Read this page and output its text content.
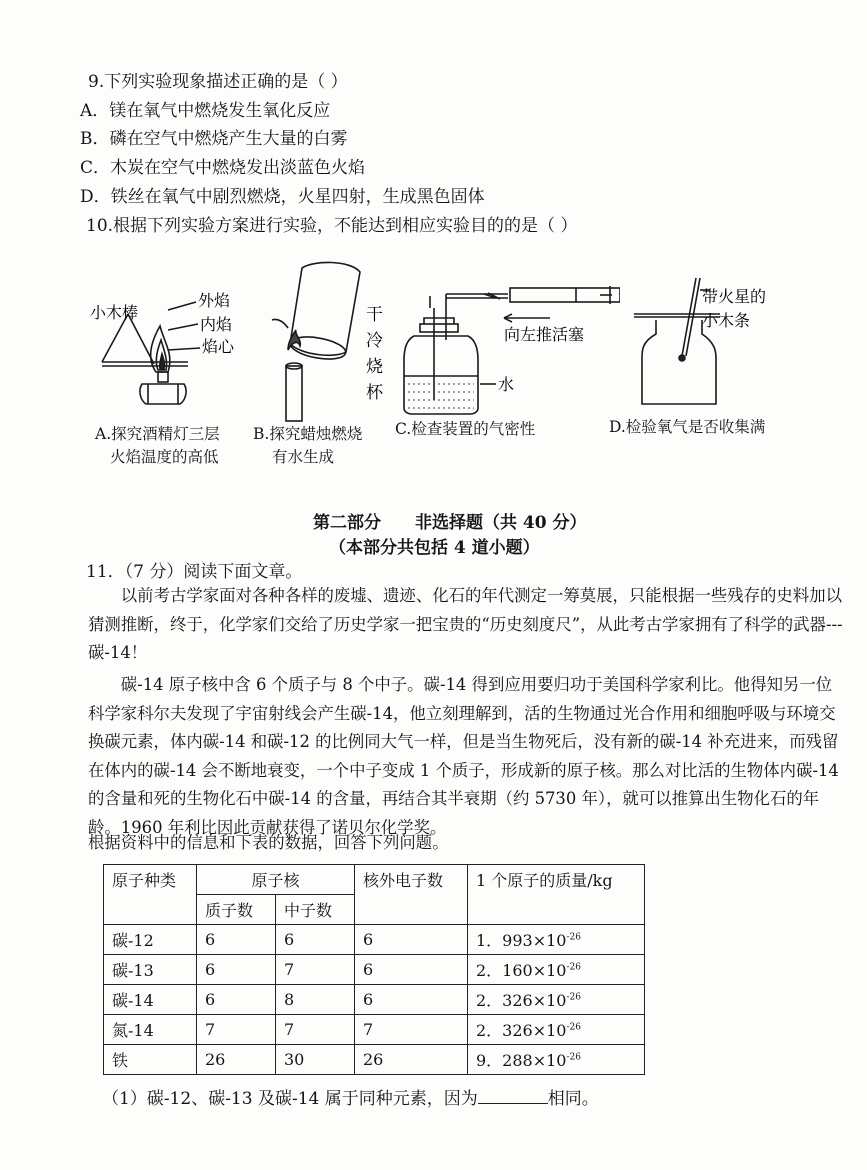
9.下列实验现象描述正确的是（ ）
A．镁在氧气中燃烧发生氧化反应
B．磷在空气中燃烧产生大量的白雾
C．木炭在空气中燃烧发出淡蓝色火焰
D．铁丝在氧气中剧烈燃烧，火星四射，生成黑色固体
10.根据下列实验方案进行实验，不能达到相应实验目的的是（ ）
小木棒
外焰
内焰
焰心
A.探究酒精灯三层
火焰温度的高低
干
冷
烧
杯
B.探究蜡烛燃烧
有水生成
向左推活塞
水
C.检查装置的气密性
带火星的
小木条
D.检验氧气是否收集满
第二部分　　非选择题（共 40 分）
（本部分共包括 4 道小题）
11．（7 分）阅读下面文章。
以前考古学家面对各种各样的废墟、遗迹、化石的年代测定一筹莫展，只能根据一些残存的史料加以猜测推断，终于，化学家们交给了历史学家一把宝贵的“历史刻度尺”，从此考古学家拥有了科学的武器---碳-14！
碳-14 原子核中含 6 个质子与 8 个中子。碳-14 得到应用要归功于美国科学家利比。他得知另一位科学家科尔夫发现了宇宙射线会产生碳-14，他立刻理解到，活的生物通过光合作用和细胞呼吸与环境交换碳元素，体内碳-14 和碳-12 的比例同大气一样，但是当生物死后，没有新的碳-14 补充进来，而残留在体内的碳-14 会不断地衰变，一个中子变成 1 个质子，形成新的原子核。那么对比活的生物体内碳-14 的含量和死的生物化石中碳-14 的含量，再结合其半衰期（约 5730 年），就可以推算出生物化石的年龄。1960 年利比因此贡献获得了诺贝尔化学奖。
根据资料中的信息和下表的数据，回答下列问题。
原子种类	原子核		核外电子数	1 个原子的质量/kg
	质子数	中子数		
碳-12	6	6	6	1．$993\times 10^{-26}$
碳-13	6	7	6	2．$160\times 10^{-26}$
碳-14	6	8	6	2．$326\times 10^{-26}$
氮-14	7	7	7	2．$326\times 10^{-26}$
铁	26	30	26	9．$288\times 10^{-26}$
（1）碳-12、碳-13 及碳-14 属于同种元素，因为	相同。
